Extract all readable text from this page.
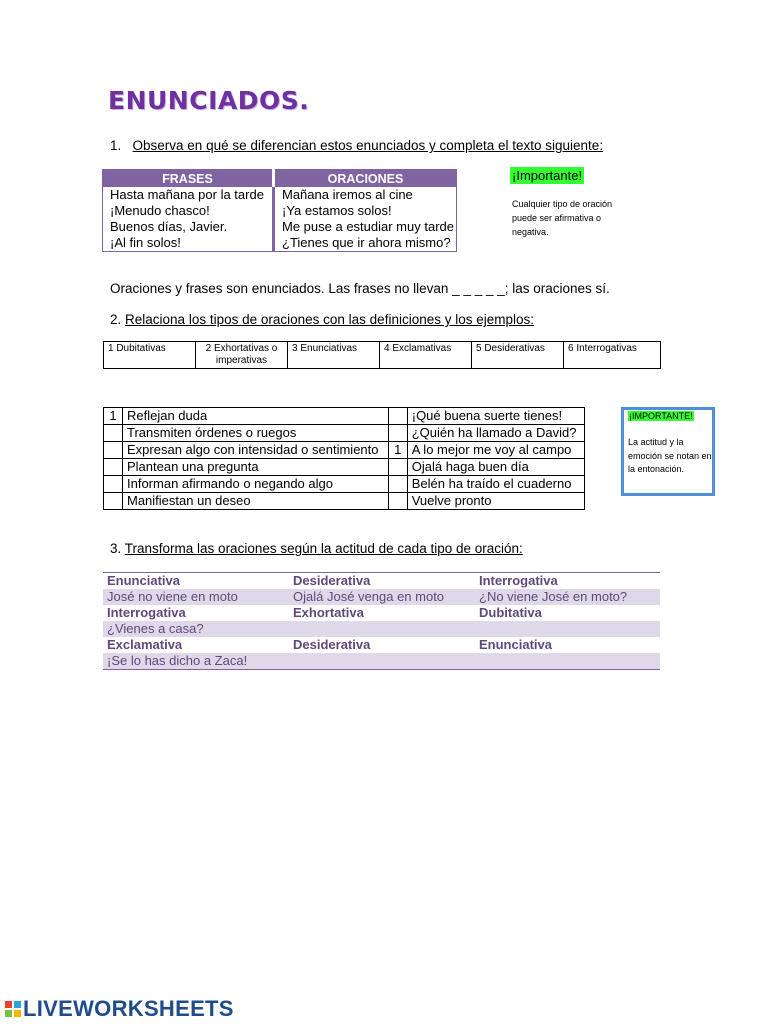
ENUNCIADOS.
1. Observa en qué se diferencian estos enunciados y completa el texto siguiente:
FRASES	ORACIONES
Hasta mañana por la tarde	Mañana iremos al cine
¡Menudo chasco!	¡Ya estamos solos!
Buenos días, Javier.	Me puse a estudiar muy tarde
¡Al fin solos!	¿Tienes que ir ahora mismo?
¡Importante!
Cualquier tipo de oración puede ser afirmativa o negativa.
Oraciones y frases son enunciados. Las frases no llevan _ _ _ _ _; las oraciones sí.
2. Relaciona los tipos de oraciones con las definiciones y los ejemplos:
1 Dubitativas	2 Exhortativas o imperativas	3 Enunciativas	4 Exclamativas	5 Desiderativas	6 Interrogativas
1	Reflejan duda		¡Qué buena suerte tienes!
	Transmiten órdenes o ruegos		¿Quién ha llamado a David?
	Expresan algo con intensidad o sentimiento	1	A lo mejor me voy al campo
	Plantean una pregunta		Ojalá haga buen día
	Informan afirmando o negando algo		Belén ha traído el cuaderno
	Manifiestan un deseo		Vuelve pronto
¡IMPORTANTE!
La actitud y la emoción se notan en la entonación.
3. Transforma las oraciones según la actitud de cada tipo de oración:
Enunciativa	Desiderativa	Interrogativa
José no viene en moto	Ojalá José venga en moto	¿No viene José en moto?
Interrogativa	Exhortativa	Dubitativa
¿Vienes a casa?		
Exclamativa	Desiderativa	Enunciativa
¡Se lo has dicho a Zaca!		
LIVEWORKSHEETS
